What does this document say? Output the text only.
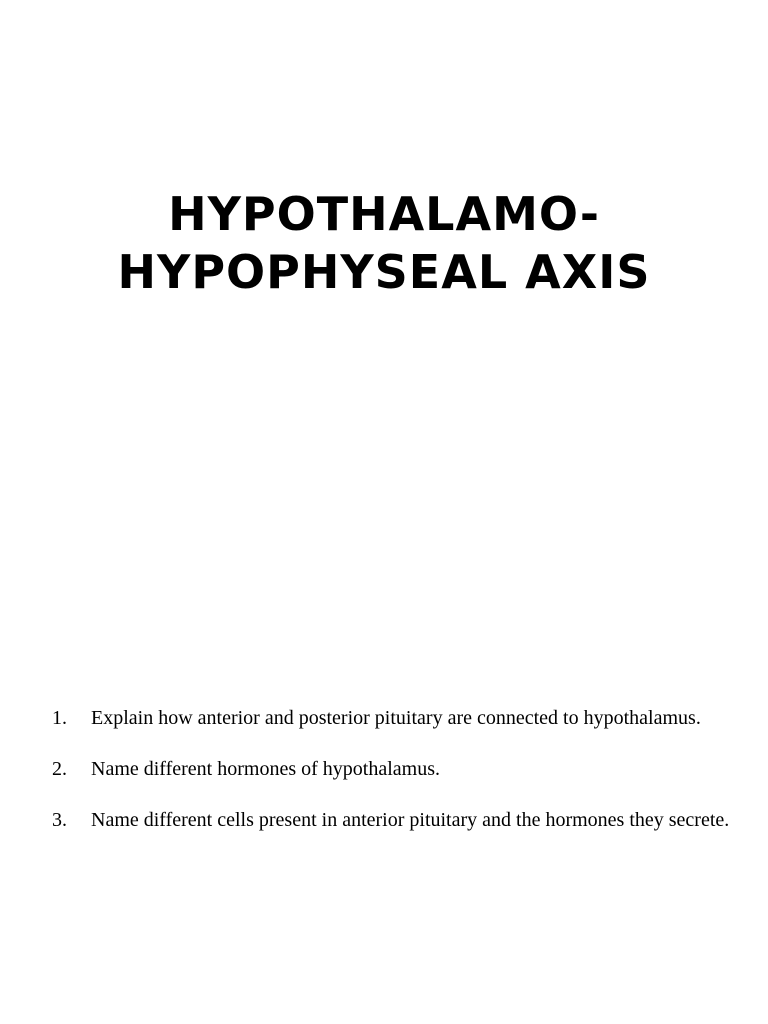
HYPOTHALAMO-
HYPOPHYSEAL AXIS
1. Explain how anterior and posterior pituitary are connected to hypothalamus.
2. Name different hormones of hypothalamus.
3. Name different cells present in anterior pituitary and the hormones they secrete.
